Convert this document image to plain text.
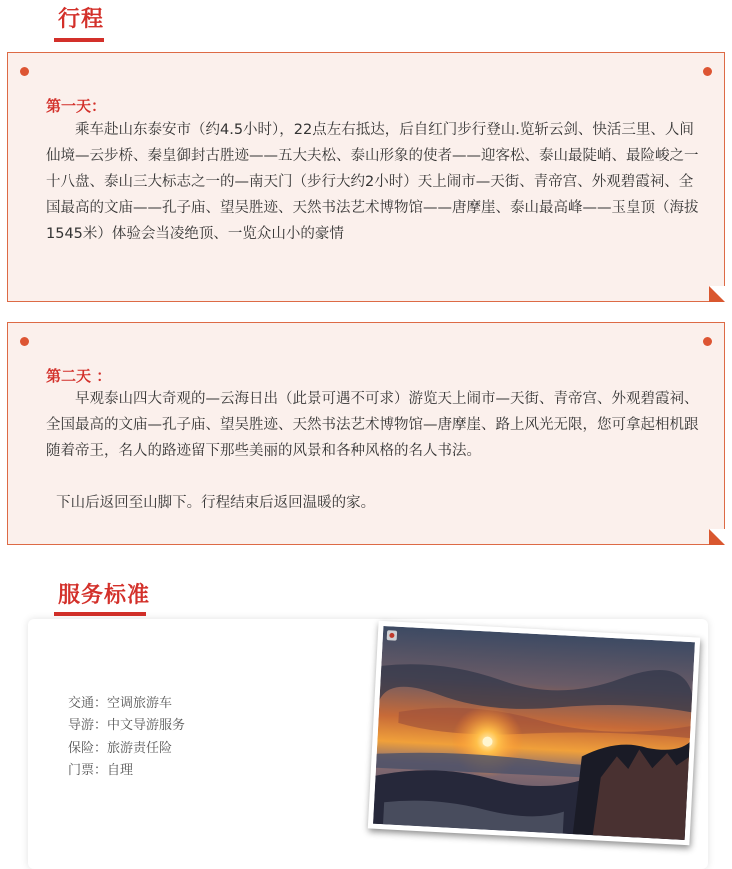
行程
第一天：

乘车赴山东泰安市（约4.5小时），22点左右抵达，后自红门步行登山.览斩云剑、快活三里、人间仙境—云步桥、秦皇御封古胜迹——五大夫松、泰山形象的使者——迎客松、泰山最陡峭、最险峻之一十八盘、泰山三大标志之一的—南天门（步行大约2小时）天上闹市—天街、青帝宫、外观碧霞祠、全国最高的文庙——孔子庙、望吴胜迹、天然书法艺术博物馆——唐摩崖、泰山最高峰——玉皇顶（海拔1545米）体验会当凌绝顶、一览众山小的豪情

第二天 ：

早观泰山四大奇观的—云海日出（此景可遇不可求）游览天上闹市—天街、青帝宫、外观碧霞祠、全国最高的文庙—孔子庙、望吴胜迹、天然书法艺术博物馆—唐摩崖、路上风光无限，您可拿起相机跟随着帝王，名人的路迹留下那些美丽的风景和各种风格的名人书法。

下山后返回至山脚下。行程结束后返回温暖的家。

服务标准
交通：空调旅游车
导游：中文导游服务
保险：旅游责任险
门票：自理
